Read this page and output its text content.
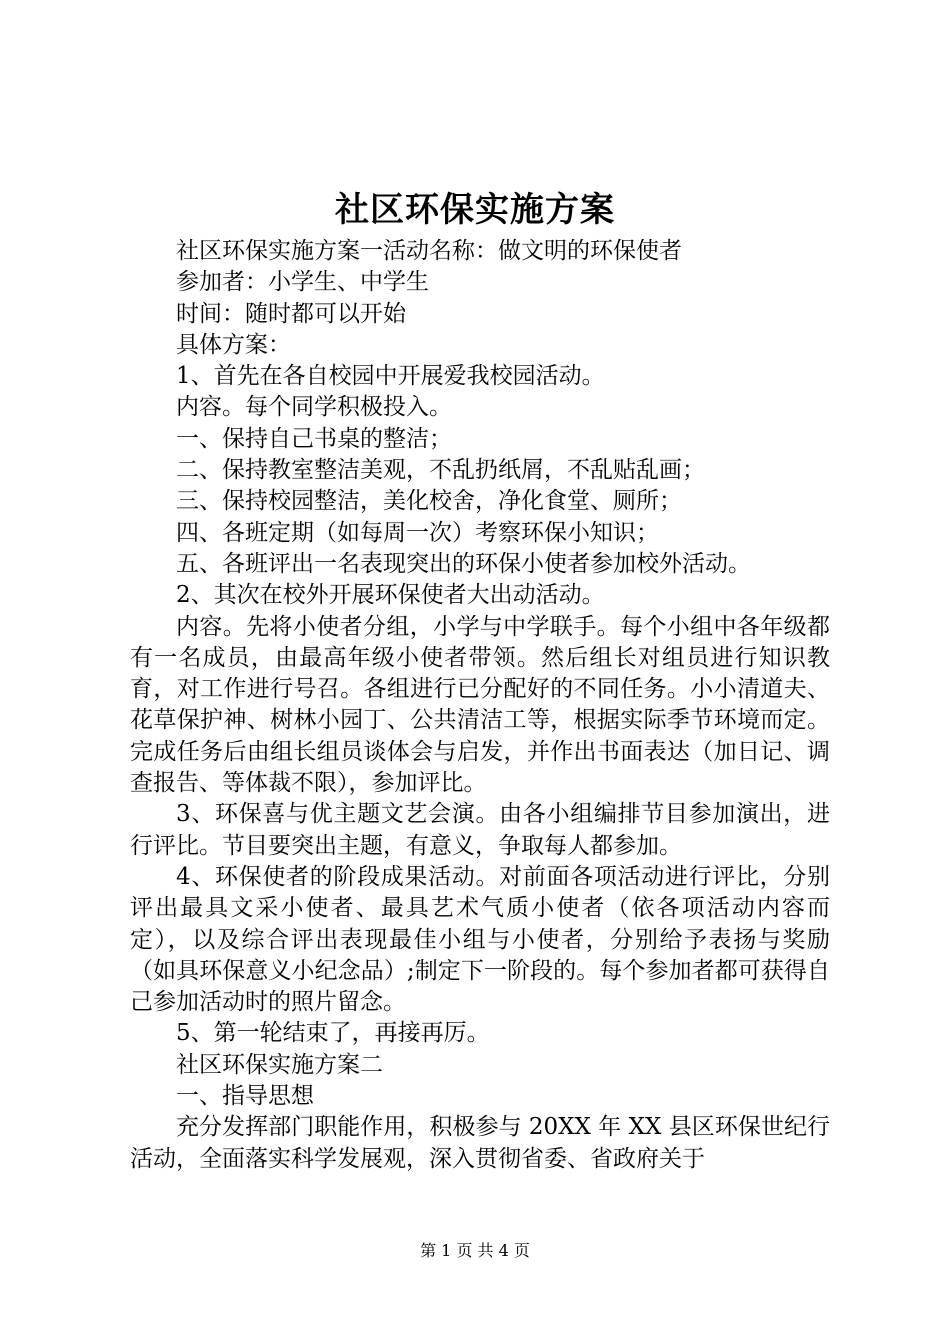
社区环保实施方案
社区环保实施方案一活动名称：做文明的环保使者
参加者：小学生、中学生
时间：随时都可以开始
具体方案：
1、首先在各自校园中开展爱我校园活动。
内容。每个同学积极投入。
一、保持自己书桌的整洁；
二、保持教室整洁美观，不乱扔纸屑，不乱贴乱画；
三、保持校园整洁，美化校舍，净化食堂、厕所；
四、各班定期（如每周一次）考察环保小知识；
五、各班评出一名表现突出的环保小使者参加校外活动。
2、其次在校外开展环保使者大出动活动。

内容。先将小使者分组，小学与中学联手。每个小组中各年级都有一名成员，由最高年级小使者带领。然后组长对组员进行知识教育，对工作进行号召。各组进行已分配好的不同任务。小小清道夫、花草保护神、树林小园丁、公共清洁工等，根据实际季节环境而定。完成任务后由组长组员谈体会与启发，并作出书面表达（加日记、调查报告、等体裁不限），参加评比。

3、环保喜与优主题文艺会演。由各小组编排节目参加演出，进行评比。节目要突出主题，有意义，争取每人都参加。

4、环保使者的阶段成果活动。对前面各项活动进行评比，分别评出最具文采小使者、最具艺术气质小使者（依各项活动内容而定），以及综合评出表现最佳小组与小使者，分别给予表扬与奖励（如具环保意义小纪念品）;制定下一阶段的。每个参加者都可获得自己参加活动时的照片留念。

5、第一轮结束了，再接再厉。
社区环保实施方案二
一、指导思想

充分发挥部门职能作用，积极参与 20XX 年 XX 县区环保世纪行活动，全面落实科学发展观，深入贯彻省委、省政府关于

第 1 页 共 4 页
